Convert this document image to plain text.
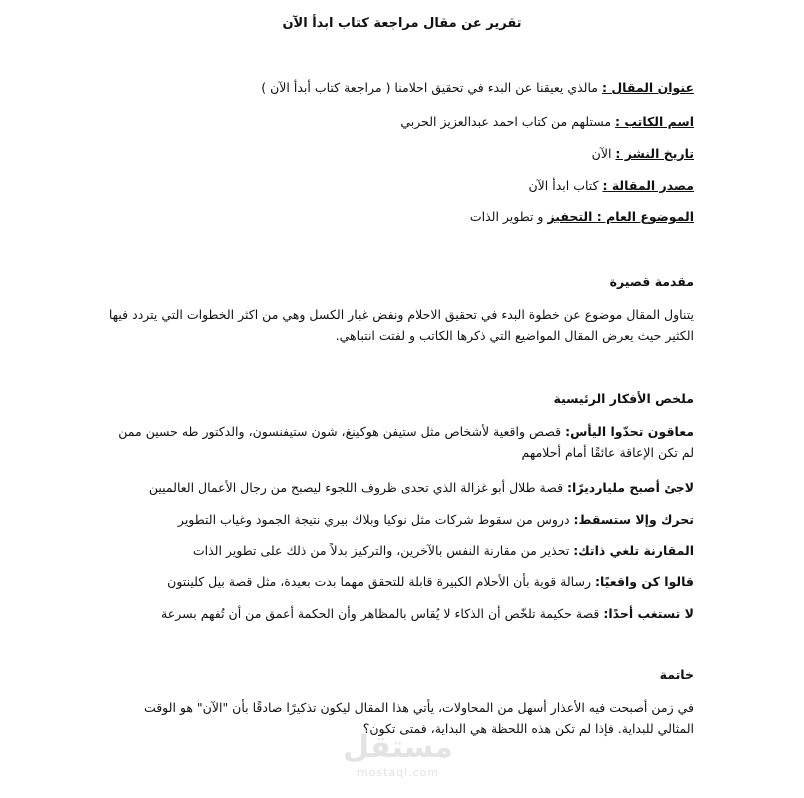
تقرير عن مقال مراجعة كتاب ابدأ الآن
عنوان المقال : مالذي يعيقنا عن البدء في تحقيق احلامنا ( مراجعة كتاب أبدأ الآن )
اسم الكاتب : مستلهم من كتاب احمد عبدالعزيز الحربي
تاريخ النشر : الآن
مصدر المقالة : كتاب ابدأ الآن
الموضوع العام : التحفيز و تطوير الذات
مقدمة قصيرة
يتناول المقال موضوع عن خطوة البدء في تحقيق الاحلام ونفض غبار الكسل وهي من اكثر الخطوات التي يتردد فيها الكثير حيث يعرض المقال المواضيع التي ذكرها الكاتب و لفتت انتباهي.
ملخص الأفكار الرئيسية
معاقون تحدّوا اليأس: قصص واقعية لأشخاص مثل ستيفن هوكينغ، شون ستيفنسون، والدكتور طه حسين ممن لم تكن الإعاقة عائقًا أمام أحلامهم
لاجئ أصبح مليارديرًا: قصة طلال أبو غزالة الذي تحدى ظروف اللجوء ليصبح من رجال الأعمال العالميين
تحرك وإلا ستسقط: دروس من سقوط شركات مثل نوكيا وبلاك بيري نتيجة الجمود وغياب التطوير
المقارنة تلغي ذاتك: تحذير من مقارنة النفس بالآخرين، والتركيز بدلاً من ذلك على تطوير الذات
قالوا كن واقعيًا: رسالة قوية بأن الأحلام الكبيرة قابلة للتحقق مهما بدت بعيدة، مثل قصة بيل كلينتون
لا تستغب أحدًا: قصة حكيمة تلخّص أن الذكاء لا يُقاس بالمظاهر وأن الحكمة أعمق من أن تُفهم بسرعة
خاتمة
في زمن أصبحت فيه الأعذار أسهل من المحاولات، يأتي هذا المقال ليكون تذكيرًا صادقًا بأن "الآن" هو الوقت المثالي للبداية. فإذا لم تكن هذه اللحظة هي البداية، فمتى تكون؟
مستقل
mostaql.com
